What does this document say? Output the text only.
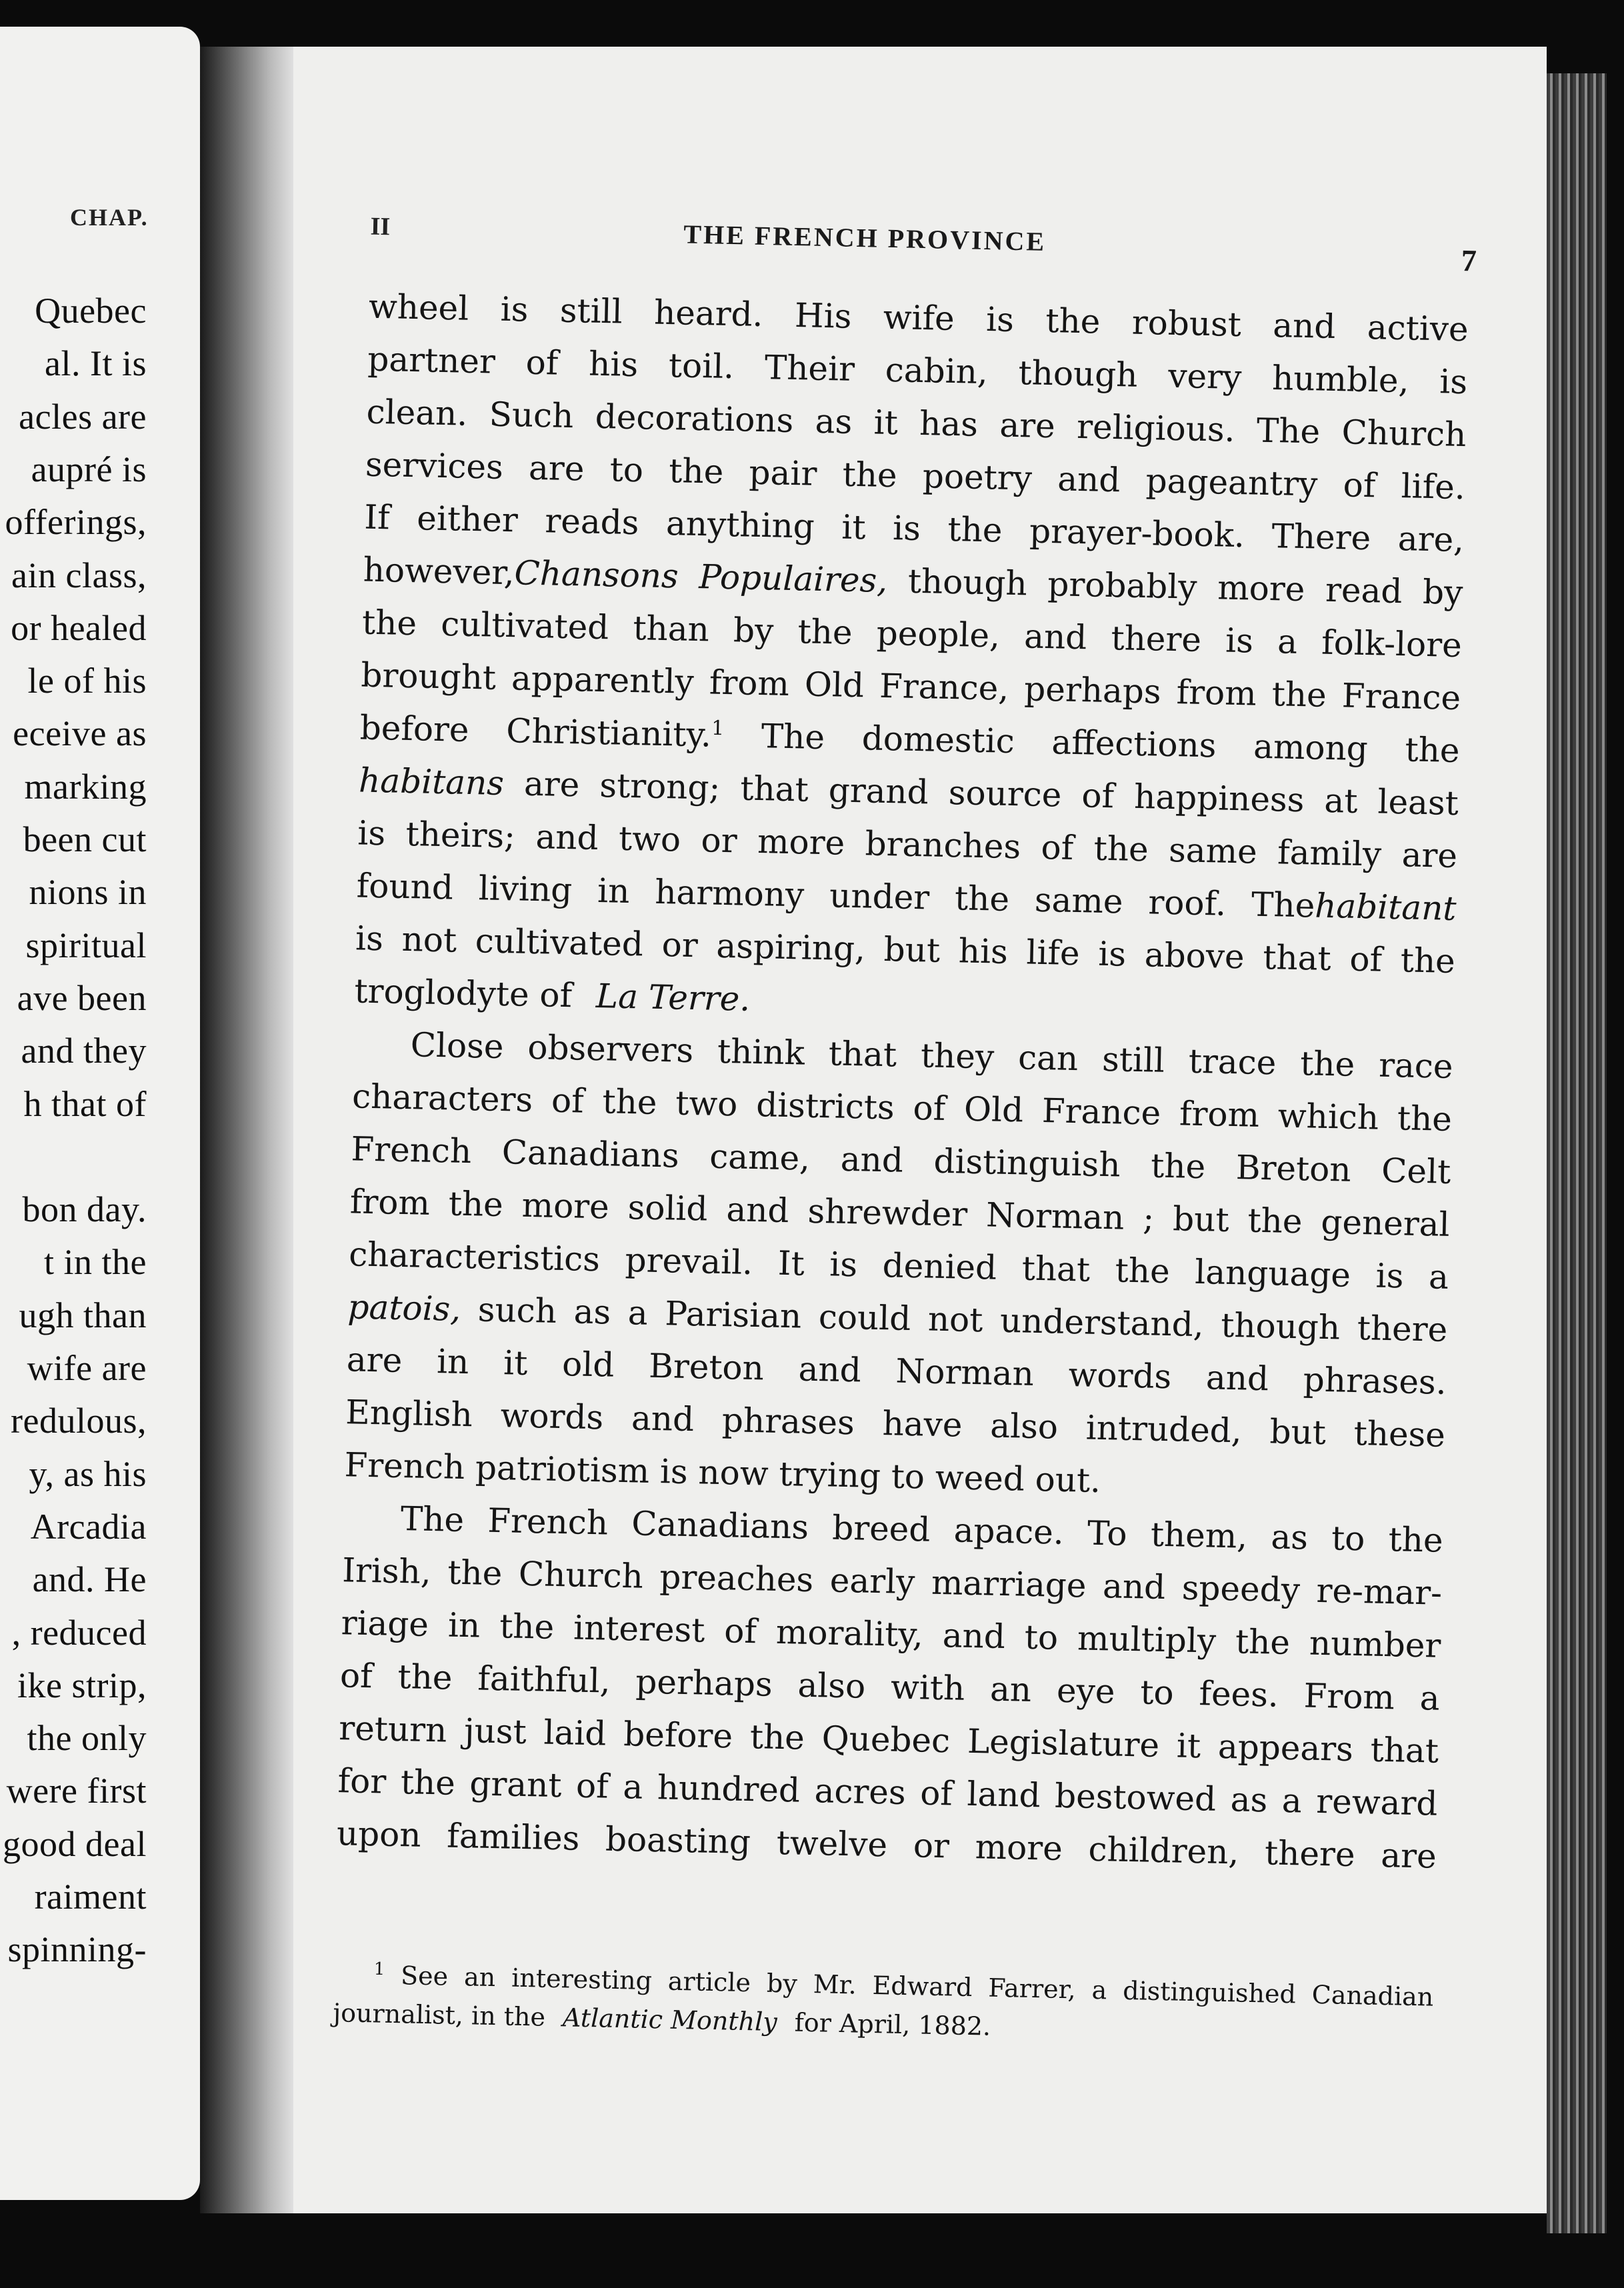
CHAP.
Quebec
al. It is
acles are
aupré is
offerings,
ain class,
or healed
le of his
eceive as
marking
been cut
nions in
spiritual
ave been
and they
h that of
bon day.
t in the
ugh than
wife are
redulous,
y, as his
Arcadia
and. He
, reduced
ike strip,
the only
were first
good deal
raiment
spinning-
II	THE FRENCH PROVINCE
7
wheel is still heard. His wife is the robust and active
partner of his toil. Their cabin, though very humble, is
clean. Such decorations as it has are religious. The Church
services are to the pair the poetry and pageantry of life.
If either reads anything it is the prayer-book. There are,
however,Chansons Populaires, though probably more read by
the cultivated than by the people, and there is a folk-lore
brought apparently from Old France, perhaps from the France
before Christianity.$^1$ The domestic affections among the
habitans are strong; that grand source of happiness at least
is theirs; and two or more branches of the same family are
found living in harmony under the same roof. Thehabitant
is not cultivated or aspiring, but his life is above that of the
troglodyte of La Terre.
Close observers think that they can still trace the race
characters of the two districts of Old France from which the
French Canadians came, and distinguish the Breton Celt
from the more solid and shrewder Norman ; but the general
characteristics prevail. It is denied that the language is a
patois, such as a Parisian could not understand, though there
are in it old Breton and Norman words and phrases.
English words and phrases have also intruded, but these
French patriotism is now trying to weed out.
The French Canadians breed apace. To them, as to the
Irish, the Church preaches early marriage and speedy re-mar-
riage in the interest of morality, and to multiply the number
of the faithful, perhaps also with an eye to fees. From a
return just laid before the Quebec Legislature it appears that
for the grant of a hundred acres of land bestowed as a reward
upon families boasting twelve or more children, there are
$^1$ See an interesting article by Mr. Edward Farrer, a distinguished Canadian
journalist, in the Atlantic Monthly for April, 1882.
